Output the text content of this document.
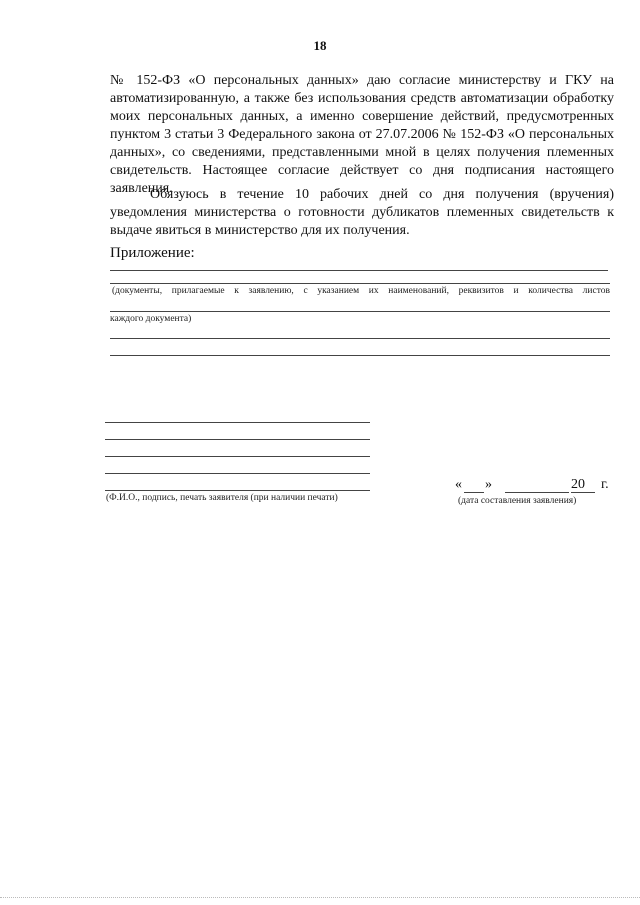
18

№ 152-ФЗ «О персональных данных» даю согласие министерству и ГКУ на автоматизированную, а также без использования средств автоматизации обработку моих персональных данных, а именно совершение действий, предусмотренных пунктом 3 статьи 3 Федерального закона от 27.07.2006 № 152-ФЗ «О персональных данных», со сведениями, представленными мной в целях получения племенных свидетельств. Настоящее согласие действует со дня подписания настоящего заявления.

Обязуюсь в течение 10 рабочих дней со дня получения (вручения) уведомления министерства о готовности дубликатов племенных свидетельств к выдаче явиться в министерство для их получения.

Приложение:

(документы, прилагаемые к заявлению, с указанием их наименований, реквизитов и количества листов
каждого документа)
(Ф.И.О., подпись, печать заявителя (при наличии печати)
« »	20 г.
(дата составления заявления)
